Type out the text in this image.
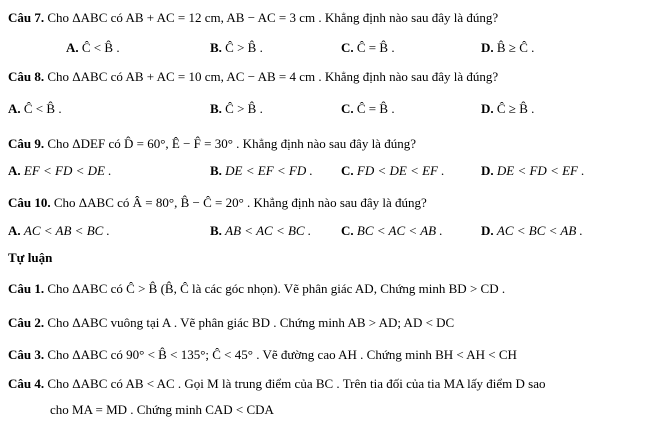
Câu 7. Cho ΔABC có AB + AC = 12 cm, AB − AC = 3 cm . Khẳng định nào sau đây là đúng?
A. Ĉ < B̂ .	B. Ĉ > B̂ .	C. Ĉ = B̂ .	D. B̂ ≥ Ĉ .
Câu 8. Cho ΔABC có AB + AC = 10 cm, AC − AB = 4 cm . Khẳng định nào sau đây là đúng?
A. Ĉ < B̂ .	B. Ĉ > B̂ .	C. Ĉ = B̂ .	D. Ĉ ≥ B̂ .
Câu 9. Cho ΔDEF có D̂ = 60°, Ê − F̂ = 30° . Khẳng định nào sau đây là đúng?
A. EF < FD < DE .	B. DE < EF < FD . C. FD < DE < EF .	D. DE < FD < EF .
Câu 10. Cho ΔABC có Â = 80°, B̂ − Ĉ = 20° . Khẳng định nào sau đây là đúng?
A. AC < AB < BC .	B. AB < AC < BC . C. BC < AC < AB .	D. AC < BC < AB .
Tự luận
Câu 1. Cho ΔABC có Ĉ > B̂ (B̂, Ĉ là các góc nhọn). Vẽ phân giác AD, Chứng minh BD > CD .
Câu 2. Cho ΔABC vuông tại A . Vẽ phân giác BD . Chứng minh AB > AD; AD < DC
Câu 3. Cho ΔABC có 90° < B̂ < 135°; Ĉ < 45° . Vẽ đường cao AH . Chứng minh BH < AH < CH
Câu 4. Cho ΔABC có AB < AC . Gọi M là trung điểm của BC . Trên tia đối của tia MA lấy điểm D sao
cho MA = MD . Chứng minh CAD < CDA
